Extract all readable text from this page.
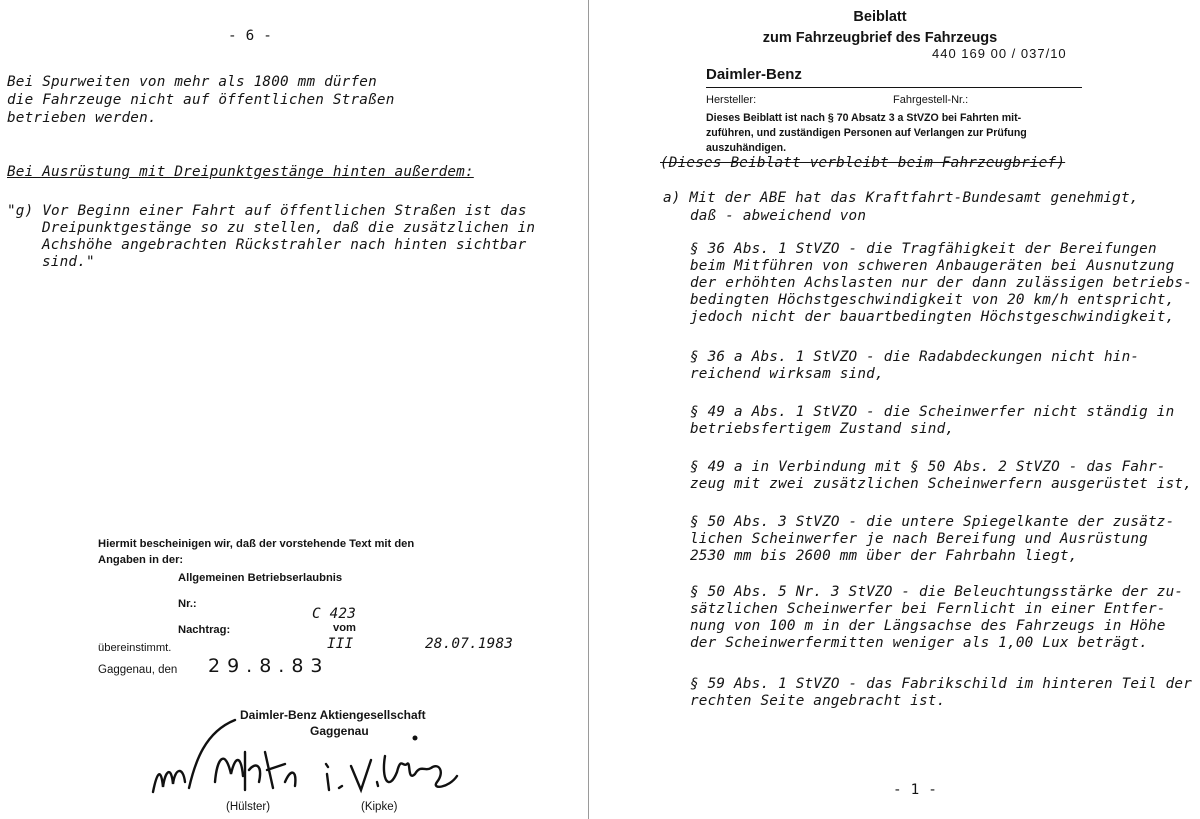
- 6 -
Bei Spurweiten von mehr als 1800 mm dürfen
die Fahrzeuge nicht auf öffentlichen Straßen
betrieben werden.
Bei Ausrüstung mit Dreipunktgestänge hinten außerdem:
"g) Vor Beginn einer Fahrt auf öffentlichen Straßen ist das
Dreipunktgestänge so zu stellen, daß die zusätzlichen in
Achshöhe angebrachten Rückstrahler nach hinten sichtbar
sind."
Hiermit bescheinigen wir, daß der vorstehende Text mit den
Angaben in der:
Allgemeinen Betriebserlaubnis
Nr.:
C 423
Nachtrag:	vom
III	28.07.1983
übereinstimmt.
Gaggenau, den 29.8.83
Daimler-Benz Aktiengesellschaft
Gaggenau
(Hülster)	(Kipke)
Beiblatt
zum Fahrzeugbrief des Fahrzeugs
440 169 00 / 037/10
Daimler-Benz
Hersteller:	Fahrgestell-Nr.:
Dieses Beiblatt ist nach § 70 Absatz 3 a StVZO bei Fahrten mit-
zuführen, und zuständigen Personen auf Verlangen zur Prüfung
auszuhändigen.
(Dieses Beiblatt verbleibt beim Fahrzeugbrief)
a) Mit der ABE hat das Kraftfahrt-Bundesamt genehmigt,
daß - abweichend von
§ 36 Abs. 1 StVZO - die Tragfähigkeit der Bereifungen
beim Mitführen von schweren Anbaugeräten bei Ausnutzung
der erhöhten Achslasten nur der dann zulässigen betriebs-
bedingten Höchstgeschwindigkeit von 20 km/h entspricht,
jedoch nicht der bauartbedingten Höchstgeschwindigkeit,
§ 36 a Abs. 1 StVZO - die Radabdeckungen nicht hin-
reichend wirksam sind,
§ 49 a Abs. 1 StVZO - die Scheinwerfer nicht ständig in
betriebsfertigem Zustand sind,
§ 49 a in Verbindung mit § 50 Abs. 2 StVZO - das Fahr-
zeug mit zwei zusätzlichen Scheinwerfern ausgerüstet ist,
§ 50 Abs. 3 StVZO - die untere Spiegelkante der zusätz-
lichen Scheinwerfer je nach Bereifung und Ausrüstung
2530 mm bis 2600 mm über der Fahrbahn liegt,
§ 50 Abs. 5 Nr. 3 StVZO - die Beleuchtungsstärke der zu-
sätzlichen Scheinwerfer bei Fernlicht in einer Entfer-
nung von 100 m in der Längsachse des Fahrzeugs in Höhe
der Scheinwerfermitten weniger als 1,00 Lux beträgt.
§ 59 Abs. 1 StVZO - das Fabrikschild im hinteren Teil der
rechten Seite angebracht ist.
- 1 -
